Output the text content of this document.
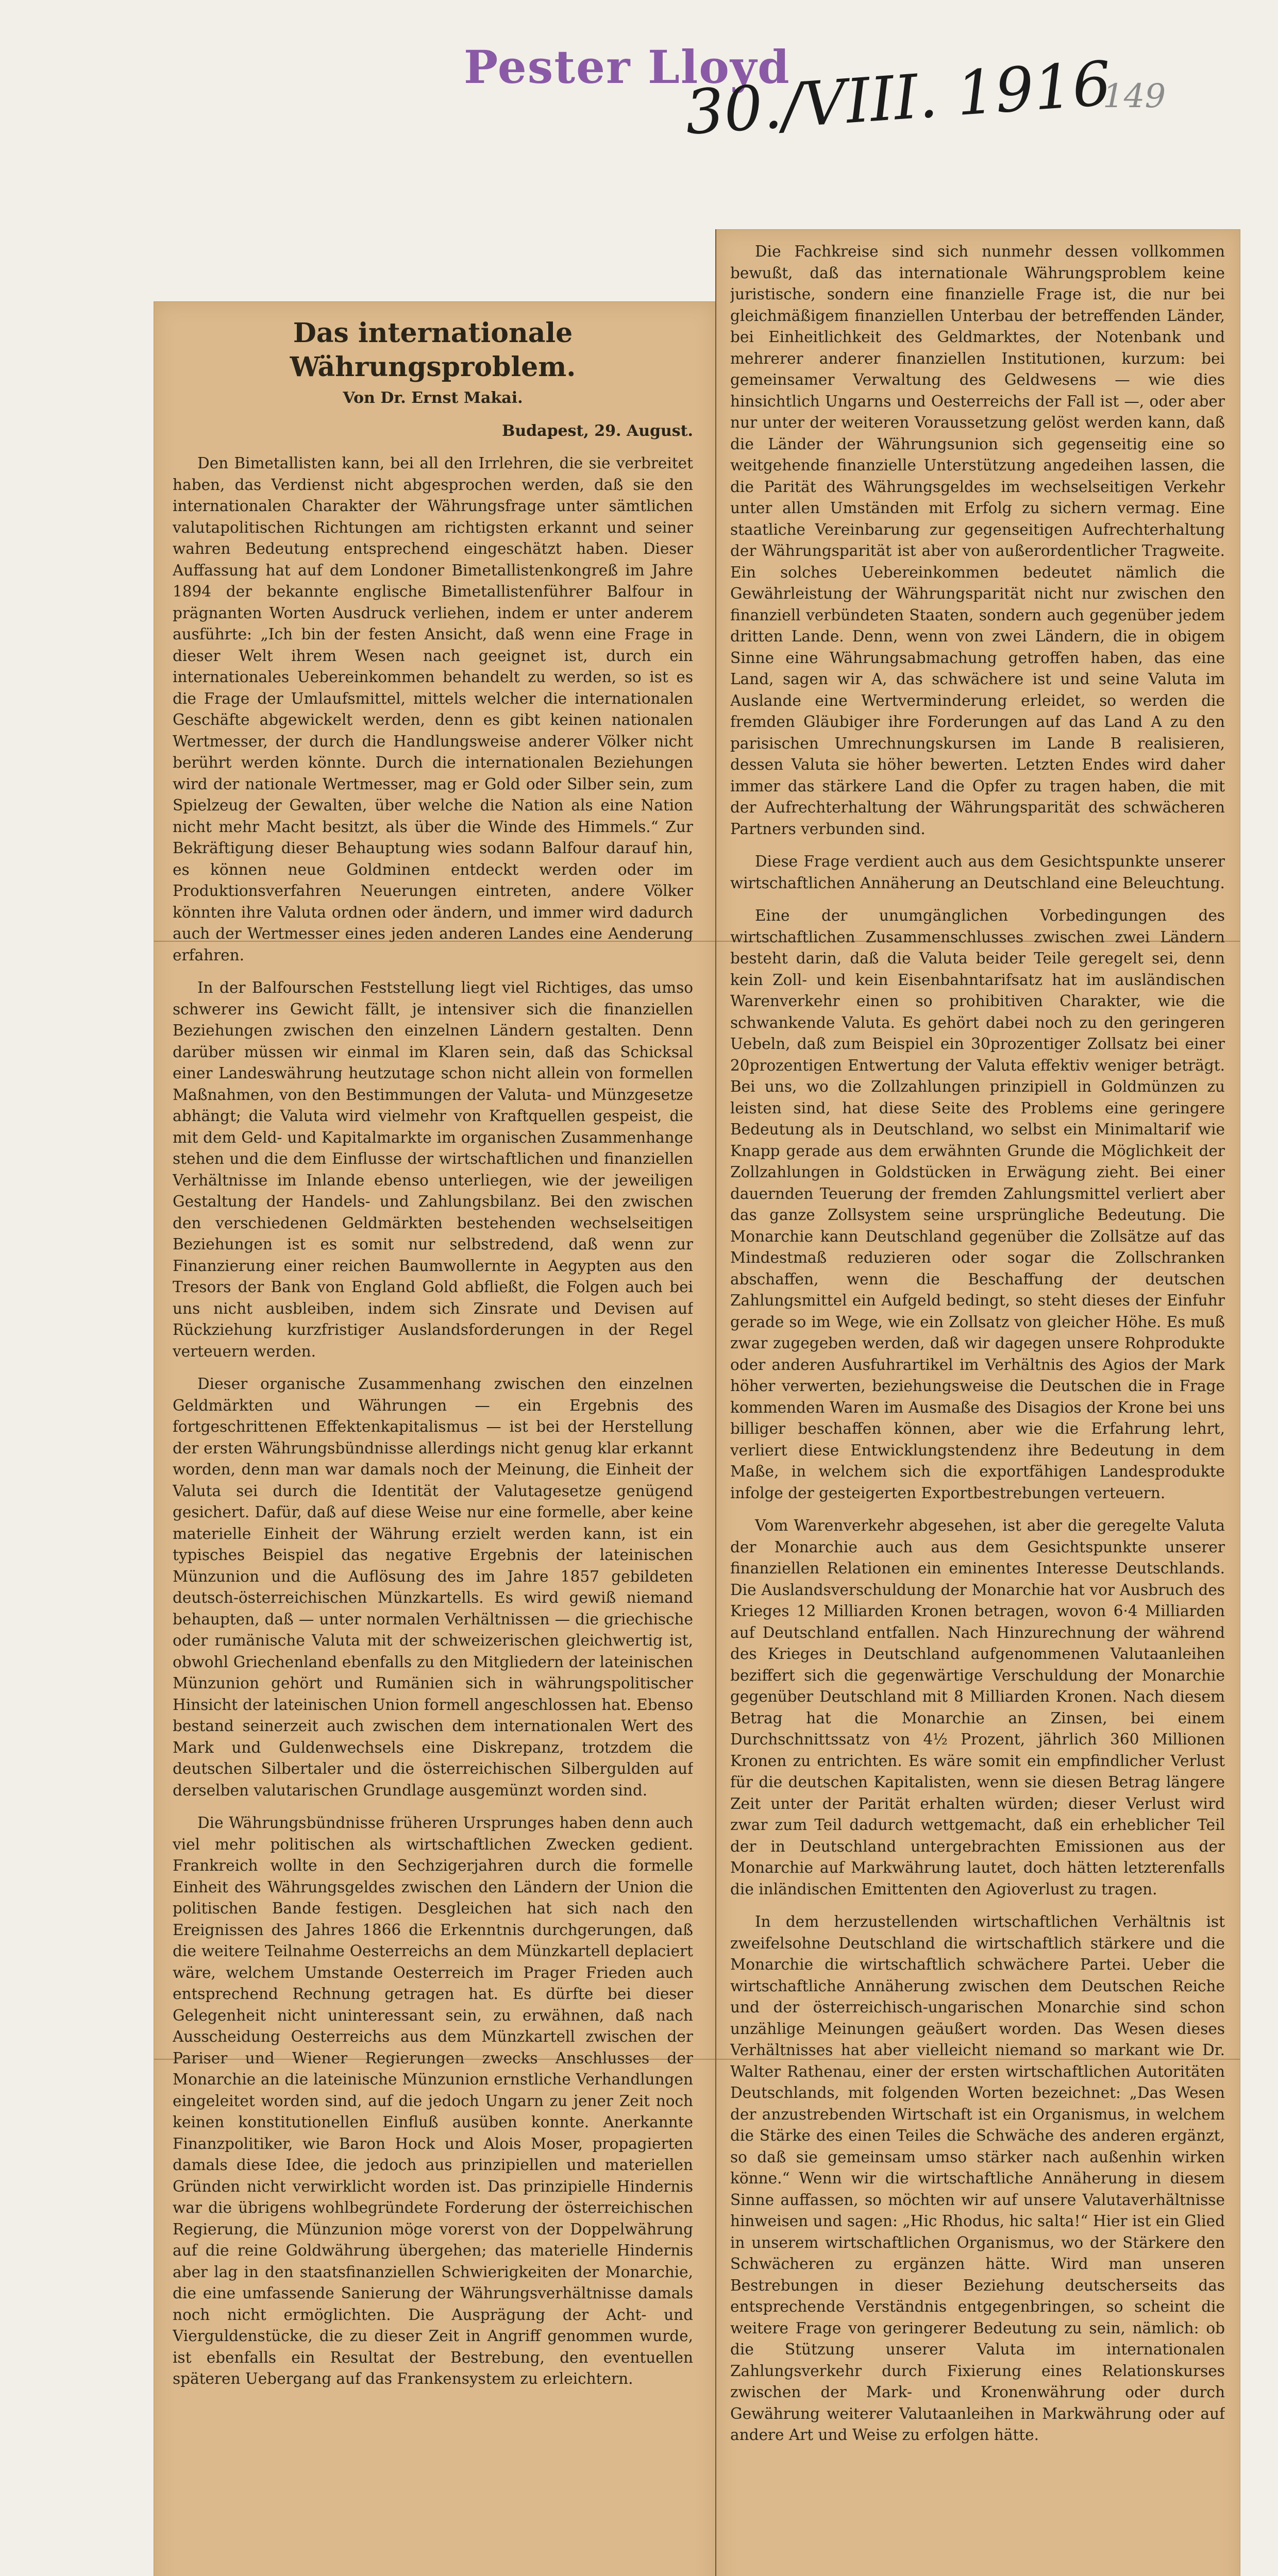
Pester Lloyd
30./VIII. 1916
149
Das internationale Währungsproblem.

Von Dr. Ernst Makai.

Budapest, 29. August.

Den Bimetallisten kann, bei all den Irrlehren, die sie verbreitet haben, das Verdienst nicht abgesprochen werden, daß sie den internationalen Charakter der Währungsfrage unter sämtlichen valutapolitischen Richtungen am richtigsten erkannt und seiner wahren Bedeutung entsprechend eingeschätzt haben. Dieser Auffassung hat auf dem Londoner Bimetallistenkongreß im Jahre 1894 der bekannte englische Bimetallistenführer Balfour in prägnanten Worten Ausdruck verliehen, indem er unter anderem ausführte: „Ich bin der festen Ansicht, daß wenn eine Frage in dieser Welt ihrem Wesen nach geeignet ist, durch ein internationales Uebereinkommen behandelt zu werden, so ist es die Frage der Umlaufsmittel, mittels welcher die internationalen Geschäfte abgewickelt werden, denn es gibt keinen nationalen Wertmesser, der durch die Handlungsweise anderer Völker nicht berührt werden könnte. Durch die internationalen Beziehungen wird der nationale Wertmesser, mag er Gold oder Silber sein, zum Spielzeug der Gewalten, über welche die Nation als eine Nation nicht mehr Macht besitzt, als über die Winde des Himmels.“ Zur Bekräftigung dieser Behauptung wies sodann Balfour darauf hin, es können neue Goldminen entdeckt werden oder im Produktionsverfahren Neuerungen eintreten, andere Völker könnten ihre Valuta ordnen oder ändern, und immer wird dadurch auch der Wertmesser eines jeden anderen Landes eine Aenderung erfahren.

In der Balfourschen Feststellung liegt viel Richtiges, das umso schwerer ins Gewicht fällt, je intensiver sich die finanziellen Beziehungen zwischen den einzelnen Ländern gestalten. Denn darüber müssen wir einmal im Klaren sein, daß das Schicksal einer Landeswährung heutzutage schon nicht allein von formellen Maßnahmen, von den Bestimmungen der Valuta- und Münzgesetze abhängt; die Valuta wird vielmehr von Kraftquellen gespeist, die mit dem Geld- und Kapitalmarkte im organischen Zusammenhange stehen und die dem Einflusse der wirtschaftlichen und finanziellen Verhältnisse im Inlande ebenso unterliegen, wie der jeweiligen Gestaltung der Handels- und Zahlungsbilanz. Bei den zwischen den verschiedenen Geldmärkten bestehenden wechselseitigen Beziehungen ist es somit nur selbstredend, daß wenn zur Finanzierung einer reichen Baumwollernte in Aegypten aus den Tresors der Bank von England Gold abfließt, die Folgen auch bei uns nicht ausbleiben, indem sich Zinsrate und Devisen auf Rückziehung kurzfristiger Auslandsforderungen in der Regel verteuern werden.

Dieser organische Zusammenhang zwischen den einzelnen Geldmärkten und Währungen — ein Ergebnis des fortgeschrittenen Effektenkapitalismus — ist bei der Herstellung der ersten Währungsbündnisse allerdings nicht genug klar erkannt worden, denn man war damals noch der Meinung, die Einheit der Valuta sei durch die Identität der Valutagesetze genügend gesichert. Dafür, daß auf diese Weise nur eine formelle, aber keine materielle Einheit der Währung erzielt werden kann, ist ein typisches Beispiel das negative Ergebnis der lateinischen Münzunion und die Auflösung des im Jahre 1857 gebildeten deutsch-österreichischen Münzkartells. Es wird gewiß niemand behaupten, daß — unter normalen Verhältnissen — die griechische oder rumänische Valuta mit der schweizerischen gleichwertig ist, obwohl Griechenland ebenfalls zu den Mitgliedern der lateinischen Münzunion gehört und Rumänien sich in währungspolitischer Hinsicht der lateinischen Union formell angeschlossen hat. Ebenso bestand seinerzeit auch zwischen dem internationalen Wert des Mark und Guldenwechsels eine Diskrepanz, trotzdem die deutschen Silbertaler und die österreichischen Silbergulden auf derselben valutarischen Grundlage ausgemünzt worden sind.

Die Währungsbündnisse früheren Ursprunges haben denn auch viel mehr politischen als wirtschaftlichen Zwecken gedient. Frankreich wollte in den Sechzigerjahren durch die formelle Einheit des Währungsgeldes zwischen den Ländern der Union die politischen Bande festigen. Desgleichen hat sich nach den Ereignissen des Jahres 1866 die Erkenntnis durchgerungen, daß die weitere Teilnahme Oesterreichs an dem Münzkartell deplaciert wäre, welchem Umstande Oesterreich im Prager Frieden auch entsprechend Rechnung getragen hat. Es dürfte bei dieser Gelegenheit nicht uninteressant sein, zu erwähnen, daß nach Ausscheidung Oesterreichs aus dem Münzkartell zwischen der Pariser und Wiener Regierungen zwecks Anschlusses der Monarchie an die lateinische Münzunion ernstliche Verhandlungen eingeleitet worden sind, auf die jedoch Ungarn zu jener Zeit noch keinen konstitutionellen Einfluß ausüben konnte. Anerkannte Finanzpolitiker, wie Baron Hock und Alois Moser, propagierten damals diese Idee, die jedoch aus prinzipiellen und materiellen Gründen nicht verwirklicht worden ist. Das prinzipielle Hindernis war die übrigens wohlbegründete Forderung der österreichischen Regierung, die Münzunion möge vorerst von der Doppelwährung auf die reine Goldwährung übergehen; das materielle Hindernis aber lag in den staatsfinanziellen Schwierigkeiten der Monarchie, die eine umfassende Sanierung der Währungsverhältnisse damals noch nicht ermöglichten. Die Ausprägung der Acht- und Vierguldenstücke, die zu dieser Zeit in Angriff genommen wurde, ist ebenfalls ein Resultat der Bestrebung, den eventuellen späteren Uebergang auf das Frankensystem zu erleichtern.

Die Fachkreise sind sich nunmehr dessen vollkommen bewußt, daß das internationale Währungsproblem keine juristische, sondern eine finanzielle Frage ist, die nur bei gleichmäßigem finanziellen Unterbau der betreffenden Länder, bei Einheitlichkeit des Geldmarktes, der Notenbank und mehrerer anderer finanziellen Institutionen, kurzum: bei gemeinsamer Verwaltung des Geldwesens — wie dies hinsichtlich Ungarns und Oesterreichs der Fall ist —, oder aber nur unter der weiteren Voraussetzung gelöst werden kann, daß die Länder der Währungsunion sich gegenseitig eine so weitgehende finanzielle Unterstützung angedeihen lassen, die die Parität des Währungsgeldes im wechselseitigen Verkehr unter allen Umständen mit Erfolg zu sichern vermag. Eine staatliche Vereinbarung zur gegenseitigen Aufrechterhaltung der Währungsparität ist aber von außerordentlicher Tragweite. Ein solches Uebereinkommen bedeutet nämlich die Gewährleistung der Währungsparität nicht nur zwischen den finanziell verbündeten Staaten, sondern auch gegenüber jedem dritten Lande. Denn, wenn von zwei Ländern, die in obigem Sinne eine Währungsabmachung getroffen haben, das eine Land, sagen wir A, das schwächere ist und seine Valuta im Auslande eine Wertverminderung erleidet, so werden die fremden Gläubiger ihre Forderungen auf das Land A zu den parisischen Umrechnungskursen im Lande B realisieren, dessen Valuta sie höher bewerten. Letzten Endes wird daher immer das stärkere Land die Opfer zu tragen haben, die mit der Aufrechterhaltung der Währungsparität des schwächeren Partners verbunden sind.

Diese Frage verdient auch aus dem Gesichtspunkte unserer wirtschaftlichen Annäherung an Deutschland eine Beleuchtung.

Eine der unumgänglichen Vorbedingungen des wirtschaftlichen Zusammenschlusses zwischen zwei Ländern besteht darin, daß die Valuta beider Teile geregelt sei, denn kein Zoll- und kein Eisenbahntarifsatz hat im ausländischen Warenverkehr einen so prohibitiven Charakter, wie die schwankende Valuta. Es gehört dabei noch zu den geringeren Uebeln, daß zum Beispiel ein 30prozentiger Zollsatz bei einer 20prozentigen Entwertung der Valuta effektiv weniger beträgt. Bei uns, wo die Zollzahlungen prinzipiell in Goldmünzen zu leisten sind, hat diese Seite des Problems eine geringere Bedeutung als in Deutschland, wo selbst ein Minimaltarif wie Knapp gerade aus dem erwähnten Grunde die Möglichkeit der Zollzahlungen in Goldstücken in Erwägung zieht. Bei einer dauernden Teuerung der fremden Zahlungsmittel verliert aber das ganze Zollsystem seine ursprüngliche Bedeutung. Die Monarchie kann Deutschland gegenüber die Zollsätze auf das Mindestmaß reduzieren oder sogar die Zollschranken abschaffen, wenn die Beschaffung der deutschen Zahlungsmittel ein Aufgeld bedingt, so steht dieses der Einfuhr gerade so im Wege, wie ein Zollsatz von gleicher Höhe. Es muß zwar zugegeben werden, daß wir dagegen unsere Rohprodukte oder anderen Ausfuhrartikel im Verhältnis des Agios der Mark höher verwerten, beziehungsweise die Deutschen die in Frage kommenden Waren im Ausmaße des Disagios der Krone bei uns billiger beschaffen können, aber wie die Erfahrung lehrt, verliert diese Entwicklungstendenz ihre Bedeutung in dem Maße, in welchem sich die exportfähigen Landesprodukte infolge der gesteigerten Exportbestrebungen verteuern.

Vom Warenverkehr abgesehen, ist aber die geregelte Valuta der Monarchie auch aus dem Gesichtspunkte unserer finanziellen Relationen ein eminentes Interesse Deutschlands. Die Auslandsverschuldung der Monarchie hat vor Ausbruch des Krieges 12 Milliarden Kronen betragen, wovon 6·4 Milliarden auf Deutschland entfallen. Nach Hinzurechnung der während des Krieges in Deutschland aufgenommenen Valutaanleihen beziffert sich die gegenwärtige Verschuldung der Monarchie gegenüber Deutschland mit 8 Milliarden Kronen. Nach diesem Betrag hat die Monarchie an Zinsen, bei einem Durchschnittssatz von 4½ Prozent, jährlich 360 Millionen Kronen zu entrichten. Es wäre somit ein empfindlicher Verlust für die deutschen Kapitalisten, wenn sie diesen Betrag längere Zeit unter der Parität erhalten würden; dieser Verlust wird zwar zum Teil dadurch wettgemacht, daß ein erheblicher Teil der in Deutschland untergebrachten Emissionen aus der Monarchie auf Markwährung lautet, doch hätten letzterenfalls die inländischen Emittenten den Agioverlust zu tragen.

In dem herzustellenden wirtschaftlichen Verhältnis ist zweifelsohne Deutschland die wirtschaftlich stärkere und die Monarchie die wirtschaftlich schwächere Partei. Ueber die wirtschaftliche Annäherung zwischen dem Deutschen Reiche und der österreichisch-ungarischen Monarchie sind schon unzählige Meinungen geäußert worden. Das Wesen dieses Verhältnisses hat aber vielleicht niemand so markant wie Dr. Walter Rathenau, einer der ersten wirtschaftlichen Autoritäten Deutschlands, mit folgenden Worten bezeichnet: „Das Wesen der anzustrebenden Wirtschaft ist ein Organismus, in welchem die Stärke des einen Teiles die Schwäche des anderen ergänzt, so daß sie gemeinsam umso stärker nach außenhin wirken könne.“ Wenn wir die wirtschaftliche Annäherung in diesem Sinne auffassen, so möchten wir auf unsere Valutaverhältnisse hinweisen und sagen: „Hic Rhodus, hic salta!“ Hier ist ein Glied in unserem wirtschaftlichen Organismus, wo der Stärkere den Schwächeren zu ergänzen hätte. Wird man unseren Bestrebungen in dieser Beziehung deutscherseits das entsprechende Verständnis entgegenbringen, so scheint die weitere Frage von geringerer Bedeutung zu sein, nämlich: ob die Stützung unserer Valuta im internationalen Zahlungsverkehr durch Fixierung eines Relationskurses zwischen der Mark- und Kronenwährung oder durch Gewährung weiterer Valutaanleihen in Markwährung oder auf andere Art und Weise zu erfolgen hätte.
